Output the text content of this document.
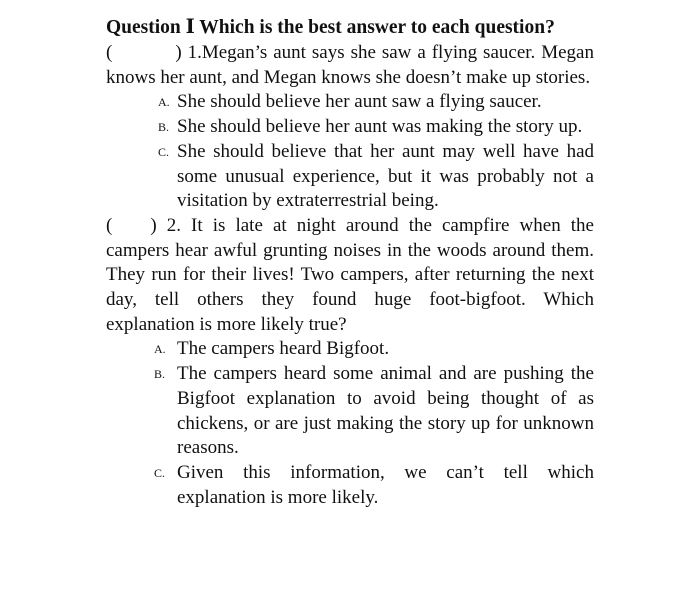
Question Ⅰ Which is the best answer to each question?
(	) 1.Megan’s aunt says she saw a flying saucer. Megan knows her aunt, and Megan knows she doesn’t make up stories.
A. She should believe her aunt saw a flying saucer.
B. She should believe her aunt was making the story up.
C. She should believe that her aunt may well have had some unusual experience, but it was probably not a visitation by extraterrestrial being.
( ) 2. It is late at night around the campfire when the campers hear awful grunting noises in the woods around them. They run for their lives! Two campers, after returning the next day, tell others they found huge foot-bigfoot. Which explanation is more likely true?
A. The campers heard Bigfoot.
B. The campers heard some animal and are pushing the Bigfoot explanation to avoid being thought of as chickens, or are just making the story up for unknown reasons.
C. Given this information, we can’t tell which explanation is more likely.
